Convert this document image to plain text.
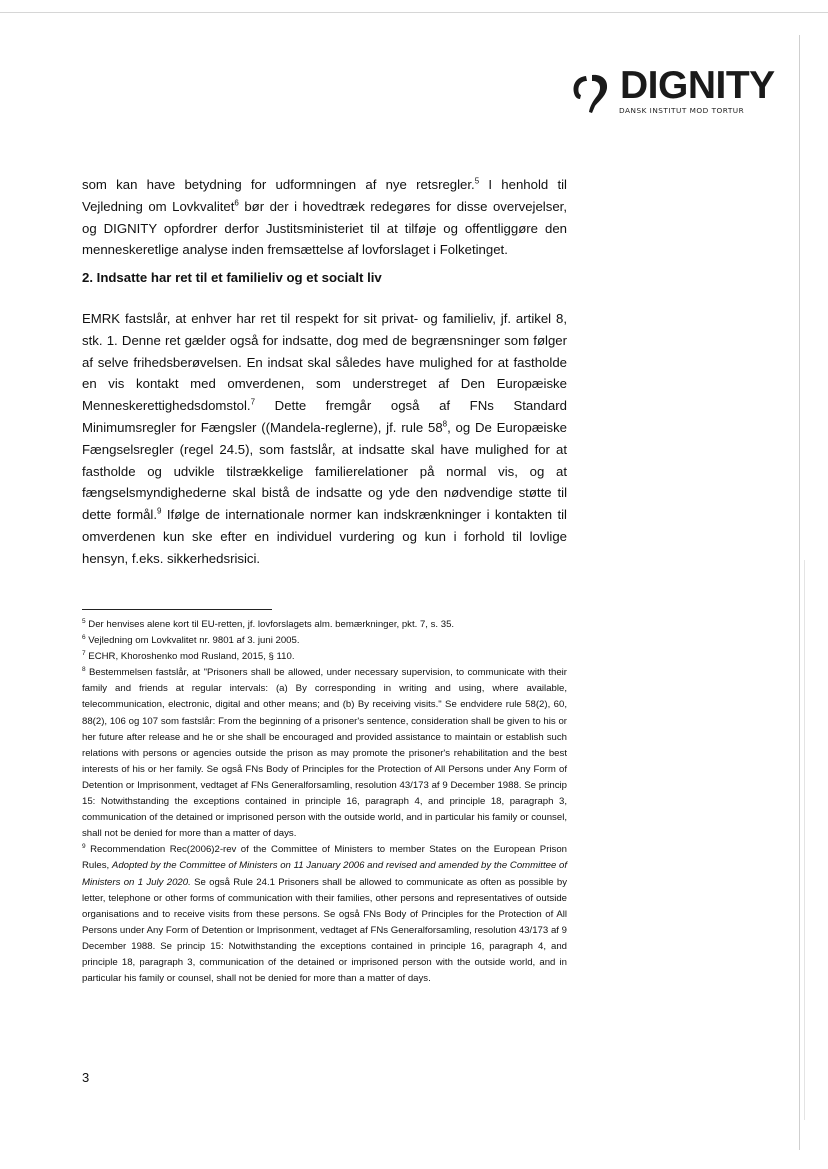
DIGNITY
DANSK INSTITUT MOD TORTUR

som kan have betydning for udformningen af nye retsregler.$^5$ I henhold til Vejledning om Lovkvalitet$^6$ bør der i hovedtræk redegøres for disse overvejelser, og DIGNITY opfordrer derfor Justitsministeriet til at tilføje og offentliggøre den menneskeretlige analyse inden fremsættelse af lovforslaget i Folketinget.

2. Indsatte har ret til et familieliv og et socialt liv

EMRK fastslår, at enhver har ret til respekt for sit privat- og familieliv, jf. artikel 8, stk. 1. Denne ret gælder også for indsatte, dog med de begrænsninger som følger af selve frihedsberøvelsen. En indsat skal således have mulighed for at fastholde en vis kontakt med omverdenen, som understreget af Den Europæiske Menneskerettighedsdomstol.$^7$ Dette fremgår også af FNs Standard Minimumsregler for Fængsler ((Mandela-reglerne), jf. rule $58^8$, og De Europæiske Fængselsregler (regel 24.5), som fastslår, at indsatte skal have mulighed for at fastholde og udvikle tilstrækkelige familierelationer på normal vis, og at fængselsmyndighederne skal bistå de indsatte og yde den nødvendige støtte til dette formål.$^9$ Ifølge de internationale normer kan indskrænkninger i kontakten til omverdenen kun ske efter en individuel vurdering og kun i forhold til lovlige hensyn, f.eks. sikkerhedsrisici.

$^5$ Der henvises alene kort til EU-retten, jf. lovforslagets alm. bemærkninger, pkt. 7, s. 35.

$^6$ Vejledning om Lovkvalitet nr. 9801 af 3. juni 2005.

$^7$ ECHR, Khoroshenko mod Rusland, 2015, § 110.

$^8$ Bestemmelsen fastslår, at "Prisoners shall be allowed, under necessary supervision, to communicate with their family and friends at regular intervals: (a) By corresponding in writing and using, where available, telecommunication, electronic, digital and other means; and (b) By receiving visits." Se endvidere rule 58(2), 60, 88(2), 106 og 107 som fastslår: From the beginning of a prisoner's sentence, consideration shall be given to his or her future after release and he or she shall be encouraged and provided assistance to maintain or establish such relations with persons or agencies outside the prison as may promote the prisoner's rehabilitation and the best interests of his or her family. Se også FNs Body of Principles for the Protection of All Persons under Any Form of Detention or Imprisonment, vedtaget af FNs Generalforsamling, resolution 43/173 af 9 December 1988. Se princip 15: Notwithstanding the exceptions contained in principle 16, paragraph 4, and principle 18, paragraph 3, communication of the detained or imprisoned person with the outside world, and in particular his family or counsel, shall not be denied for more than a matter of days.

$^9$ Recommendation Rec(2006)2-rev of the Committee of Ministers to member States on the European Prison Rules, Adopted by the Committee of Ministers on 11 January 2006 and revised and amended by the Committee of Ministers on 1 July 2020. Se også Rule 24.1 Prisoners shall be allowed to communicate as often as possible by letter, telephone or other forms of communication with their families, other persons and representatives of outside organisations and to receive visits from these persons. Se også FNs Body of Principles for the Protection of All Persons under Any Form of Detention or Imprisonment, vedtaget af FNs Generalforsamling, resolution 43/173 af 9 December 1988. Se princip 15: Notwithstanding the exceptions contained in principle 16, paragraph 4, and principle 18, paragraph 3, communication of the detained or imprisoned person with the outside world, and in particular his family or counsel, shall not be denied for more than a matter of days.

3
